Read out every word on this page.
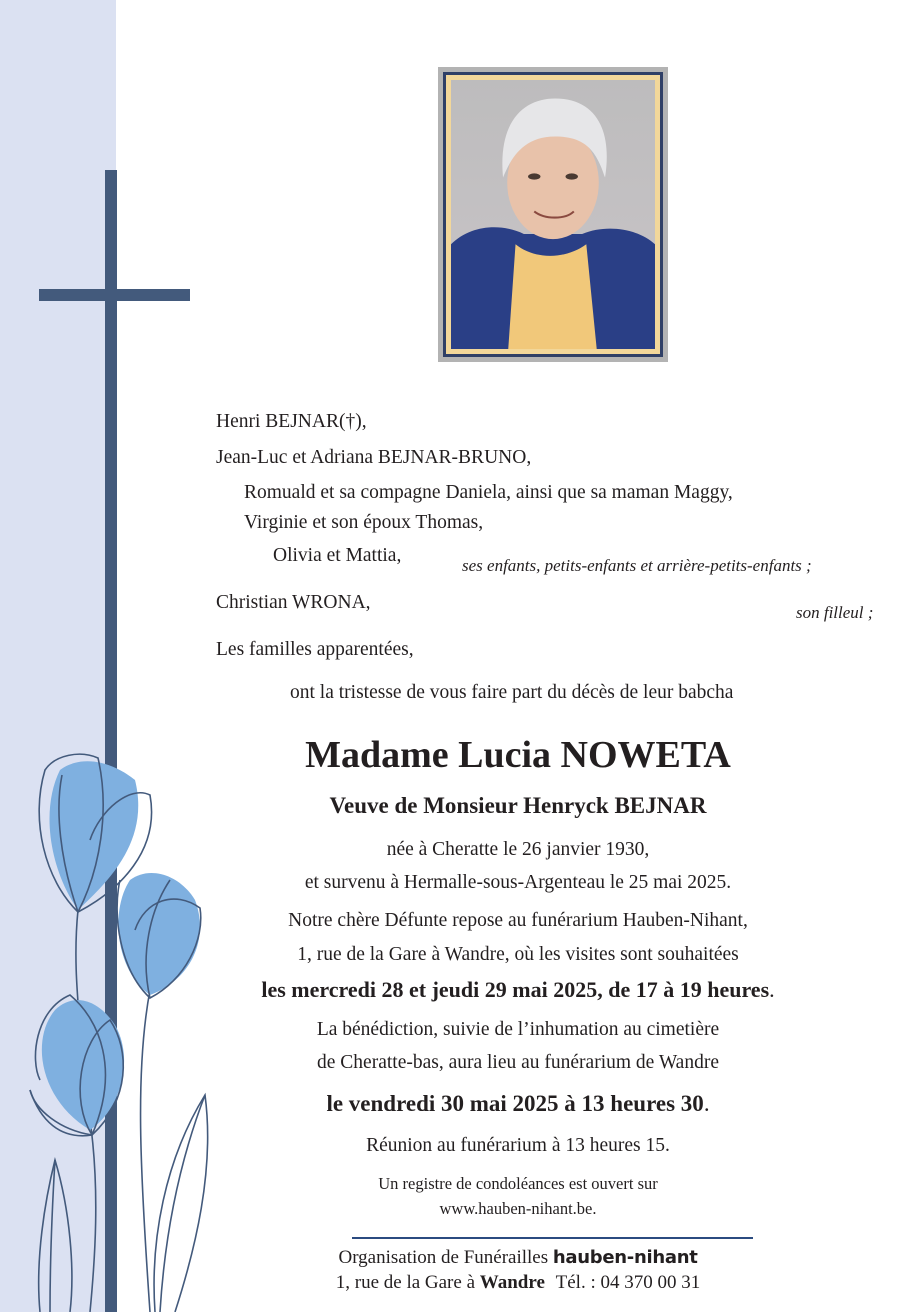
Henri BEJNAR(†),
Jean-Luc et Adriana BEJNAR-BRUNO,
Romuald et sa compagne Daniela, ainsi que sa maman Maggy,
Virginie et son époux Thomas,
Olivia et Mattia,	ses enfants, petits-enfants et arrière-petits-enfants ;
Christian WRONA,	son filleul ;
Les familles apparentées,
ont la tristesse de vous faire part du décès de leur babcha
Madame Lucia NOWETA
Veuve de Monsieur Henryck BEJNAR
née à Cheratte le 26 janvier 1930,
et survenu à Hermalle-sous-Argenteau le 25 mai 2025.
Notre chère Défunte repose au funérarium Hauben-Nihant,
1, rue de la Gare à Wandre, où les visites sont souhaitées
les mercredi 28 et jeudi 29 mai 2025, de 17 à 19 heures.
La bénédiction, suivie de l’inhumation au cimetière
de Cheratte-bas, aura lieu au funérarium de Wandre
le vendredi 30 mai 2025 à 13 heures 30.
Réunion au funérarium à 13 heures 15.
Un registre de condoléances est ouvert sur
www.hauben-nihant.be.
Organisation de Funérailles hauben-nihant
1, rue de la Gare à Wandre Tél. : 04 370 00 31
